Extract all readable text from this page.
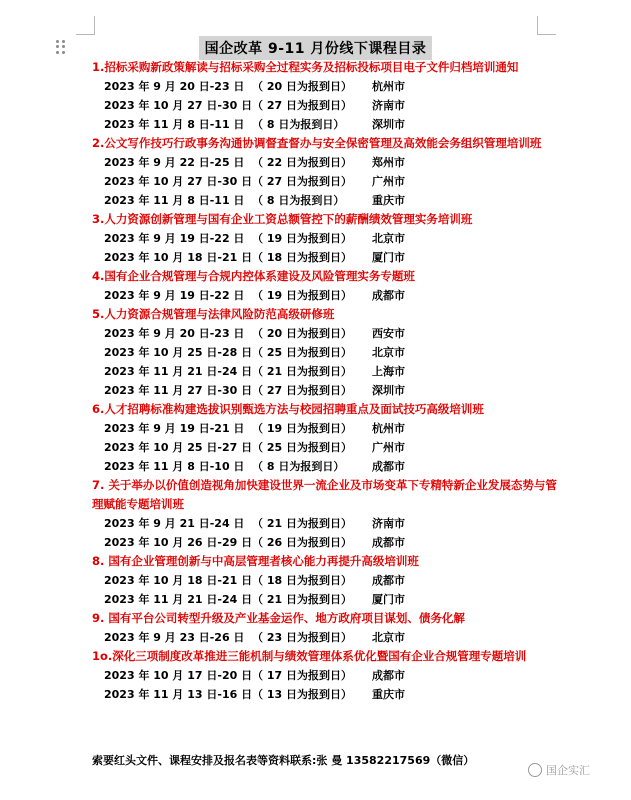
国企改革 9-11 月份线下课程目录

1.招标采购新政策解读与招标采购全过程实务及招标投标项目电子文件归档培训通知

2023 年 9 月 20 日-23 日 （ 20 日为报到日）	杭州市
2023 年 10 月 27 日-30 日 （ 27 日为报到日）	济南市
2023 年 11 月 8 日-11 日 （ 8 日为报到日）	深圳市

2.公文写作技巧行政事务沟通协调督查督办与安全保密管理及高效能会务组织管理培训班

2023 年 9 月 22 日-25 日 （ 22 日为报到日）	郑州市
2023 年 10 月 27 日-30 日 （ 27 日为报到日）	广州市
2023 年 11 月 8 日-11 日 （ 8 日为报到日）	重庆市

3.人力资源创新管理与国有企业工资总额管控下的薪酬绩效管理实务培训班

2023 年 9 月 19 日-22 日 （ 19 日为报到日）	北京市
2023 年 10 月 18 日-21 日 （ 18 日为报到日）	厦门市

4.国有企业合规管理与合规内控体系建设及风险管理实务专题班

2023 年 9 月 19 日-22 日 （ 19 日为报到日）	成都市

5.人力资源合规管理与法律风险防范高级研修班

2023 年 9 月 20 日-23 日 （ 20 日为报到日）	西安市
2023 年 10 月 25 日-28 日 （ 25 日为报到日）	北京市
2023 年 11 月 21 日-24 日 （ 21 日为报到日）	上海市
2023 年 11 月 27 日-30 日 （ 27 日为报到日）	深圳市

6.人才招聘标准构建选拔识别甄选方法与校园招聘重点及面试技巧高级培训班

2023 年 9 月 19 日-21 日 （ 19 日为报到日）	杭州市
2023 年 10 月 25 日-27 日 （ 25 日为报到日）	广州市
2023 年 11 月 8 日-10 日 （ 8 日为报到日）	成都市

7. 关于举办以价值创造视角加快建设世界一流企业及市场变革下专精特新企业发展态势与管理赋能专题培训班

2023 年 9 月 21 日-24 日 （ 21 日为报到日）	济南市
2023 年 10 月 26 日-29 日 （ 26 日为报到日）	成都市

8. 国有企业管理创新与中高层管理者核心能力再提升高级培训班

2023 年 10 月 18 日-21 日 （ 18 日为报到日）	成都市
2023 年 11 月 21 日-24 日 （ 21 日为报到日）	厦门市

9. 国有平台公司转型升级及产业基金运作、地方政府项目谋划、债务化解

2023 年 9 月 23 日-26 日 （ 23 日为报到日）	北京市

1o.深化三项制度改革推进三能机制与绩效管理体系优化暨国有企业合规管理专题培训

2023 年 10 月 17 日-20 日 （ 17 日为报到日）	成都市
2023 年 11 月 13 日-16 日 （ 13 日为报到日）	重庆市
索要红头文件、课程安排及报名表等资料联系:张 曼 13582217569（微信）
国企实汇
